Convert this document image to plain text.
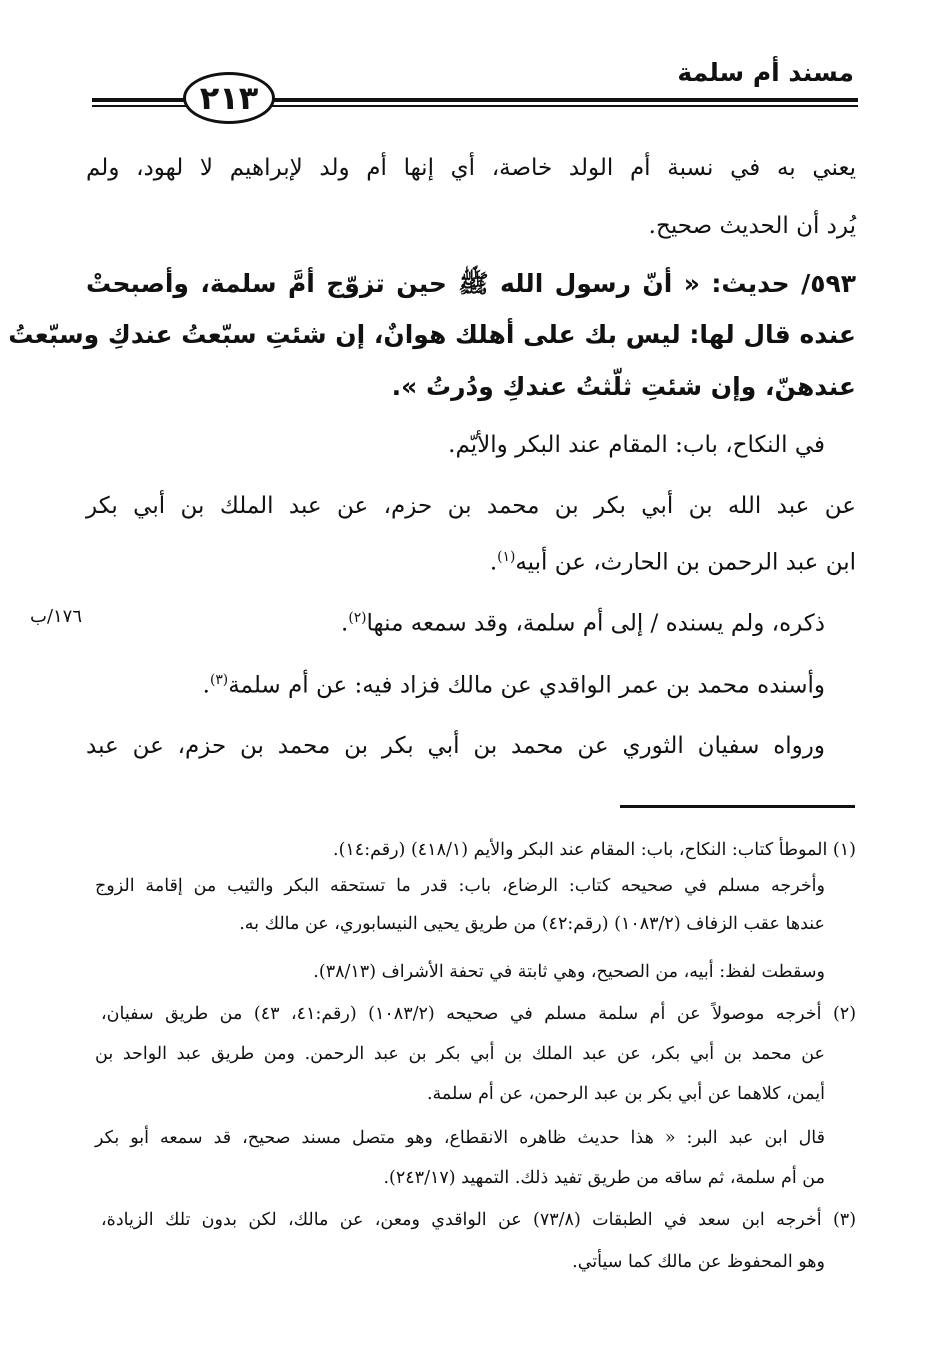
مسند أم سلمة
٢١٣
يعني به في نسبة أم الولد خاصة، أي إنها أم ولد لإبراهيم لا لهود، ولم
يُرد أن الحديث صحيح.
٥٩٣/ حديث: « أنّ رسول الله ﷺ حين تزوّج أمَّ سلمة، وأصبحتْ
عنده قال لها: ليس بك على أهلك هوانٌ، إن شئتِ سبّعتُ عندكِ وسبّعتُ
عندهنّ، وإن شئتِ ثلّثتُ عندكِ ودُرتُ ».
في النكاح، باب: المقام عند البكر والأيّم.
عن عبد الله بن أبي بكر بن محمد بن حزم، عن عبد الملك بن أبي بكر
ابن عبد الرحمن بن الحارث، عن أبيه$^{(١)}$.
ذكره، ولم يسنده / إلى أم سلمة، وقد سمعه منها$^{(٢)}$.
وأسنده محمد بن عمر الواقدي عن مالك فزاد فيه: عن أم سلمة$^{(٣)}$.
ورواه سفيان الثوري عن محمد بن أبي بكر بن محمد بن حزم، عن عبد
١٧٦/ب
(١) الموطأ كتاب: النكاح، باب: المقام عند البكر والأيم (٤١٨/١) (رقم:١٤).
وأخرجه مسلم في صحيحه كتاب: الرضاع، باب: قدر ما تستحقه البكر والثيب من إقامة الزوج
عندها عقب الزفاف (١٠٨٣/٢) (رقم:٤٢) من طريق يحيى النيسابوري، عن مالك به.
وسقطت لفظ: أبيه، من الصحيح، وهي ثابتة في تحفة الأشراف (٣٨/١٣).
(٢) أخرجه موصولاً عن أم سلمة مسلم في صحيحه (١٠٨٣/٢) (رقم:٤١، ٤٣) من طريق سفيان،
عن محمد بن أبي بكر، عن عبد الملك بن أبي بكر بن عبد الرحمن. ومن طريق عبد الواحد بن
أيمن، كلاهما عن أبي بكر بن عبد الرحمن، عن أم سلمة.
قال ابن عبد البر: « هذا حديث ظاهره الانقطاع، وهو متصل مسند صحيح، قد سمعه أبو بكر
من أم سلمة، ثم ساقه من طريق تفيد ذلك. التمهيد (٢٤٣/١٧).
(٣) أخرجه ابن سعد في الطبقات (٧٣/٨) عن الواقدي ومعن، عن مالك، لكن بدون تلك الزيادة،
وهو المحفوظ عن مالك كما سيأتي.
